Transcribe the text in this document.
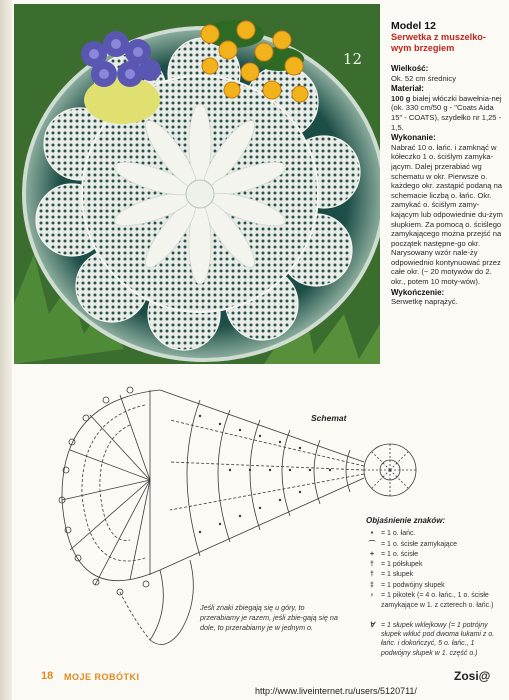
12
Model 12
Serwetka z muszelko-
wym brzegiem
Wielkość:
Ok. 52 cm średnicy
Materiał:
100 g białej włóczki bawełnia-nej (ok. 330 cm/50 g - "Coats Aida 15" - COATS), szydełko nr 1,25 - 1,5.
Wykonanie:
Nabrać 10 o. łańc. i zamknąć w kółeczko 1 o. ściślym zamyka-jącym. Dalej przerabiać wg schematu w okr. Pierwsze o. każdego okr. zastąpić podaną na schemacie liczbą o. łańc. Okr. zamykać o. ściślym zamy-kającym lub odpowiednie du-żym słupkiem. Za pomocą o. ściślego zamykającego można przejść na początek następne-go okr. Narysowany wzór nale-ży odpowiednio kontynuować przez całe okr. (~ 20 motywów do 2. okr., potem 10 moty-wów).
Wykończenie:
Serwetkę naprążyć.
Schemat
Objaśnienie znaków:
•	= 1 o. łańc.
⌒ = 1 o. ścisłe zamykające
+ = 1 o. ścisłe
†	= 1 półsłupek
†	= 1 słupek
‡	= 1 podwójny słupek
♀ = 1 pikotek (= 4 o. łańc., 1 o. ścisłe zamykające w 1. z czterech o. łańc.)
∀ = 1 słupek wklejkowy (= 1 potrójny słupek wkłuć pod dwoma łukami z o. łańc. i dokończyć, 5 o. łańc., 1 podwójny słupek w 1. część o.)
Jeśli znaki zbiegają się u góry, to przerabiamy je razem, jeśli zbie-gają się na dole, to przerabiamy je w jednym o.
18 MOJE ROBÓTKI	Zosi@
http://www.liveinternet.ru/users/5120711/
